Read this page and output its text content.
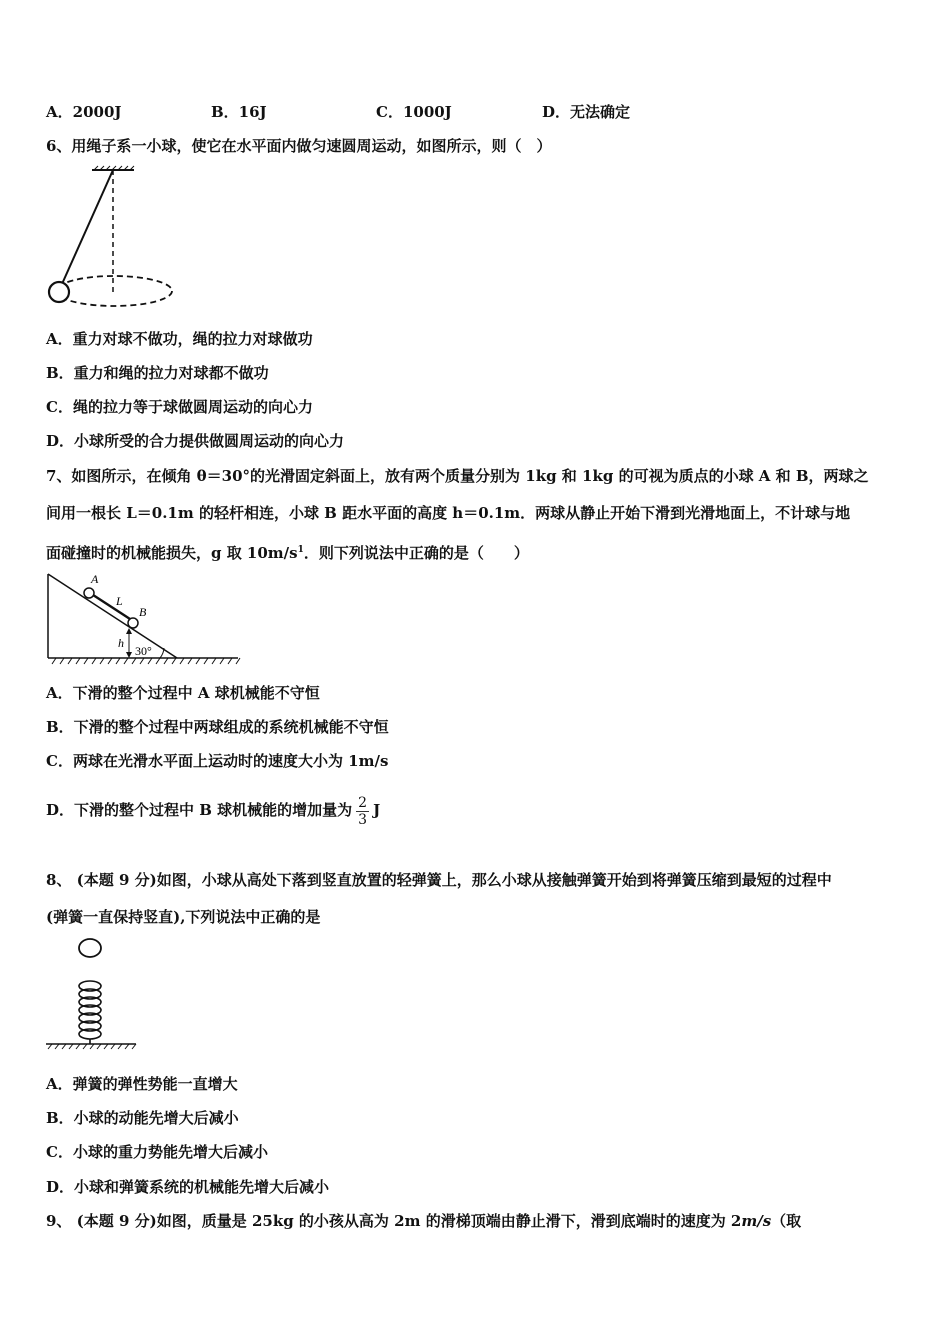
A．2000J	B．16J	C．1000J	D．无法确定
6、用绳子系一小球，使它在水平面内做匀速圆周运动，如图所示，则（　）
A．重力对球不做功，绳的拉力对球做功
B．重力和绳的拉力对球都不做功
C．绳的拉力等于球做圆周运动的向心力
D．小球所受的合力提供做圆周运动的向心力
7、如图所示，在倾角 θ＝30°的光滑固定斜面上，放有两个质量分别为 1kg 和 1kg 的可视为质点的小球 A 和 B，两球之
间用一根长 L＝0.1m 的轻杆相连，小球 B 距水平面的高度 h＝0.1m．两球从静止开始下滑到光滑地面上，不计球与地
面碰撞时的机械能损失，g 取 $10m/s^1$．则下列说法中正确的是（　　）
A
B
L
h
30°
A．下滑的整个过程中 A 球机械能不守恒
B．下滑的整个过程中两球组成的系统机械能不守恒
C．两球在光滑水平面上运动时的速度大小为 1m/s
D．下滑的整个过程中 B 球机械能的增加量为 $\frac{2}{3}$ J
8、 (本题 9 分)如图，小球从高处下落到竖直放置的轻弹簧上，那么小球从接触弹簧开始到将弹簧压缩到最短的过程中
(弹簧一直保持竖直),下列说法中正确的是
A．弹簧的弹性势能一直增大
B．小球的动能先增大后减小
C．小球的重力势能先增大后减小
D．小球和弹簧系统的机械能先增大后减小
9、 (本题 9 分)如图，质量是 25kg 的小孩从高为 2m 的滑梯顶端由静止滑下，滑到底端时的速度为 2m/s（取
